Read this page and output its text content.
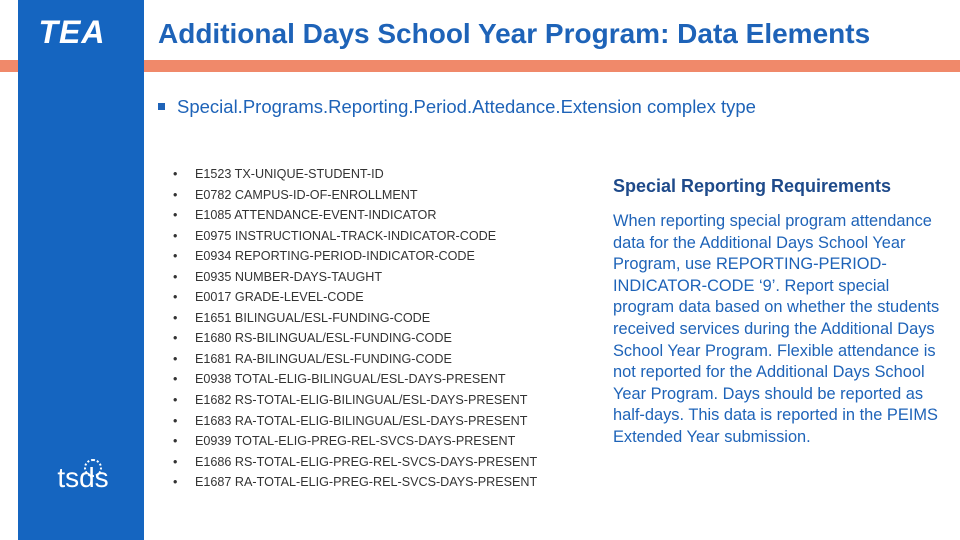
TEA
tsds
Additional Days School Year Program: Data Elements
Special.Programs.Reporting.Period.Attedance.Extension complex type
• E1523 TX-UNIQUE-STUDENT-ID
• E0782 CAMPUS-ID-OF-ENROLLMENT
• E1085 ATTENDANCE-EVENT-INDICATOR
• E0975 INSTRUCTIONAL-TRACK-INDICATOR-CODE
• E0934 REPORTING-PERIOD-INDICATOR-CODE
• E0935 NUMBER-DAYS-TAUGHT
• E0017 GRADE-LEVEL-CODE
• E1651 BILINGUAL/ESL-FUNDING-CODE
• E1680 RS-BILINGUAL/ESL-FUNDING-CODE
• E1681 RA-BILINGUAL/ESL-FUNDING-CODE
• E0938 TOTAL-ELIG-BILINGUAL/ESL-DAYS-PRESENT
• E1682 RS-TOTAL-ELIG-BILINGUAL/ESL-DAYS-PRESENT
• E1683 RA-TOTAL-ELIG-BILINGUAL/ESL-DAYS-PRESENT
• E0939 TOTAL-ELIG-PREG-REL-SVCS-DAYS-PRESENT
• E1686 RS-TOTAL-ELIG-PREG-REL-SVCS-DAYS-PRESENT
• E1687 RA-TOTAL-ELIG-PREG-REL-SVCS-DAYS-PRESENT
Special Reporting Requirements
When reporting special program attendance data for the Additional Days School Year Program, use REPORTING-PERIOD-INDICATOR-CODE ‘9’. Report special program data based on whether the students received services during the Additional Days School Year Program. Flexible attendance is not reported for the Additional Days School Year Program. Days should be reported as half-days. This data is reported in the PEIMS Extended Year submission.
